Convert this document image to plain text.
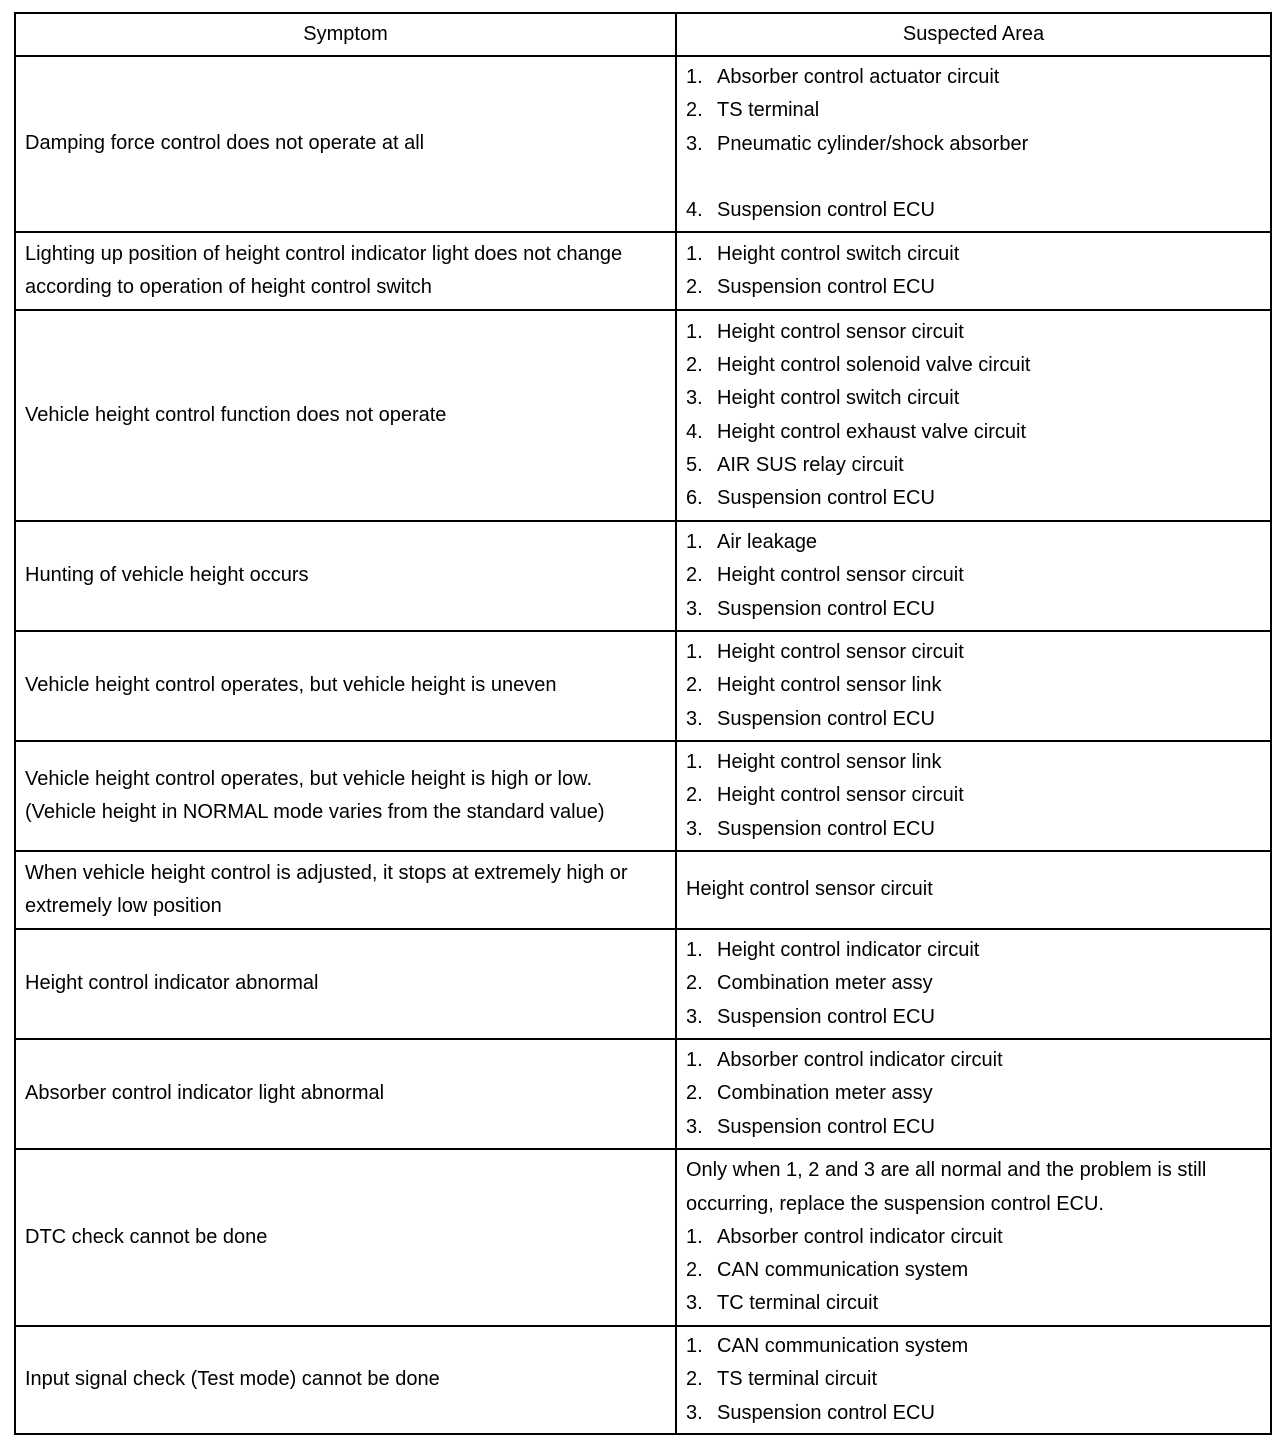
Symptom	Suspected Area
Damping force control does not operate at all
1. Absorber control actuator circuit
2. TS terminal
3. Pneumatic cylinder/shock absorber
4. Suspension control ECU
Lighting up position of height control indicator light does not change according to operation of height control switch
1. Height control switch circuit
2. Suspension control ECU
Vehicle height control function does not operate
1. Height control sensor circuit
2. Height control solenoid valve circuit
3. Height control switch circuit
4. Height control exhaust valve circuit
5. AIR SUS relay circuit
6. Suspension control ECU
Hunting of vehicle height occurs
1. Air leakage
2. Height control sensor circuit
3. Suspension control ECU
Vehicle height control operates, but vehicle height is uneven
1. Height control sensor circuit
2. Height control sensor link
3. Suspension control ECU
Vehicle height control operates, but vehicle height is high or low. (Vehicle height in NORMAL mode varies from the standard value)
1. Height control sensor link
2. Height control sensor circuit
3. Suspension control ECU
When vehicle height control is adjusted, it stops at extremely high or extremely low position
Height control sensor circuit
Height control indicator abnormal
1. Height control indicator circuit
2. Combination meter assy
3. Suspension control ECU
Absorber control indicator light abnormal
1. Absorber control indicator circuit
2. Combination meter assy
3. Suspension control ECU
DTC check cannot be done
Only when 1, 2 and 3 are all normal and the problem is still occurring, replace the suspension control ECU.
1. Absorber control indicator circuit
2. CAN communication system
3. TC terminal circuit
Input signal check (Test mode) cannot be done
1. CAN communication system
2. TS terminal circuit
3. Suspension control ECU
